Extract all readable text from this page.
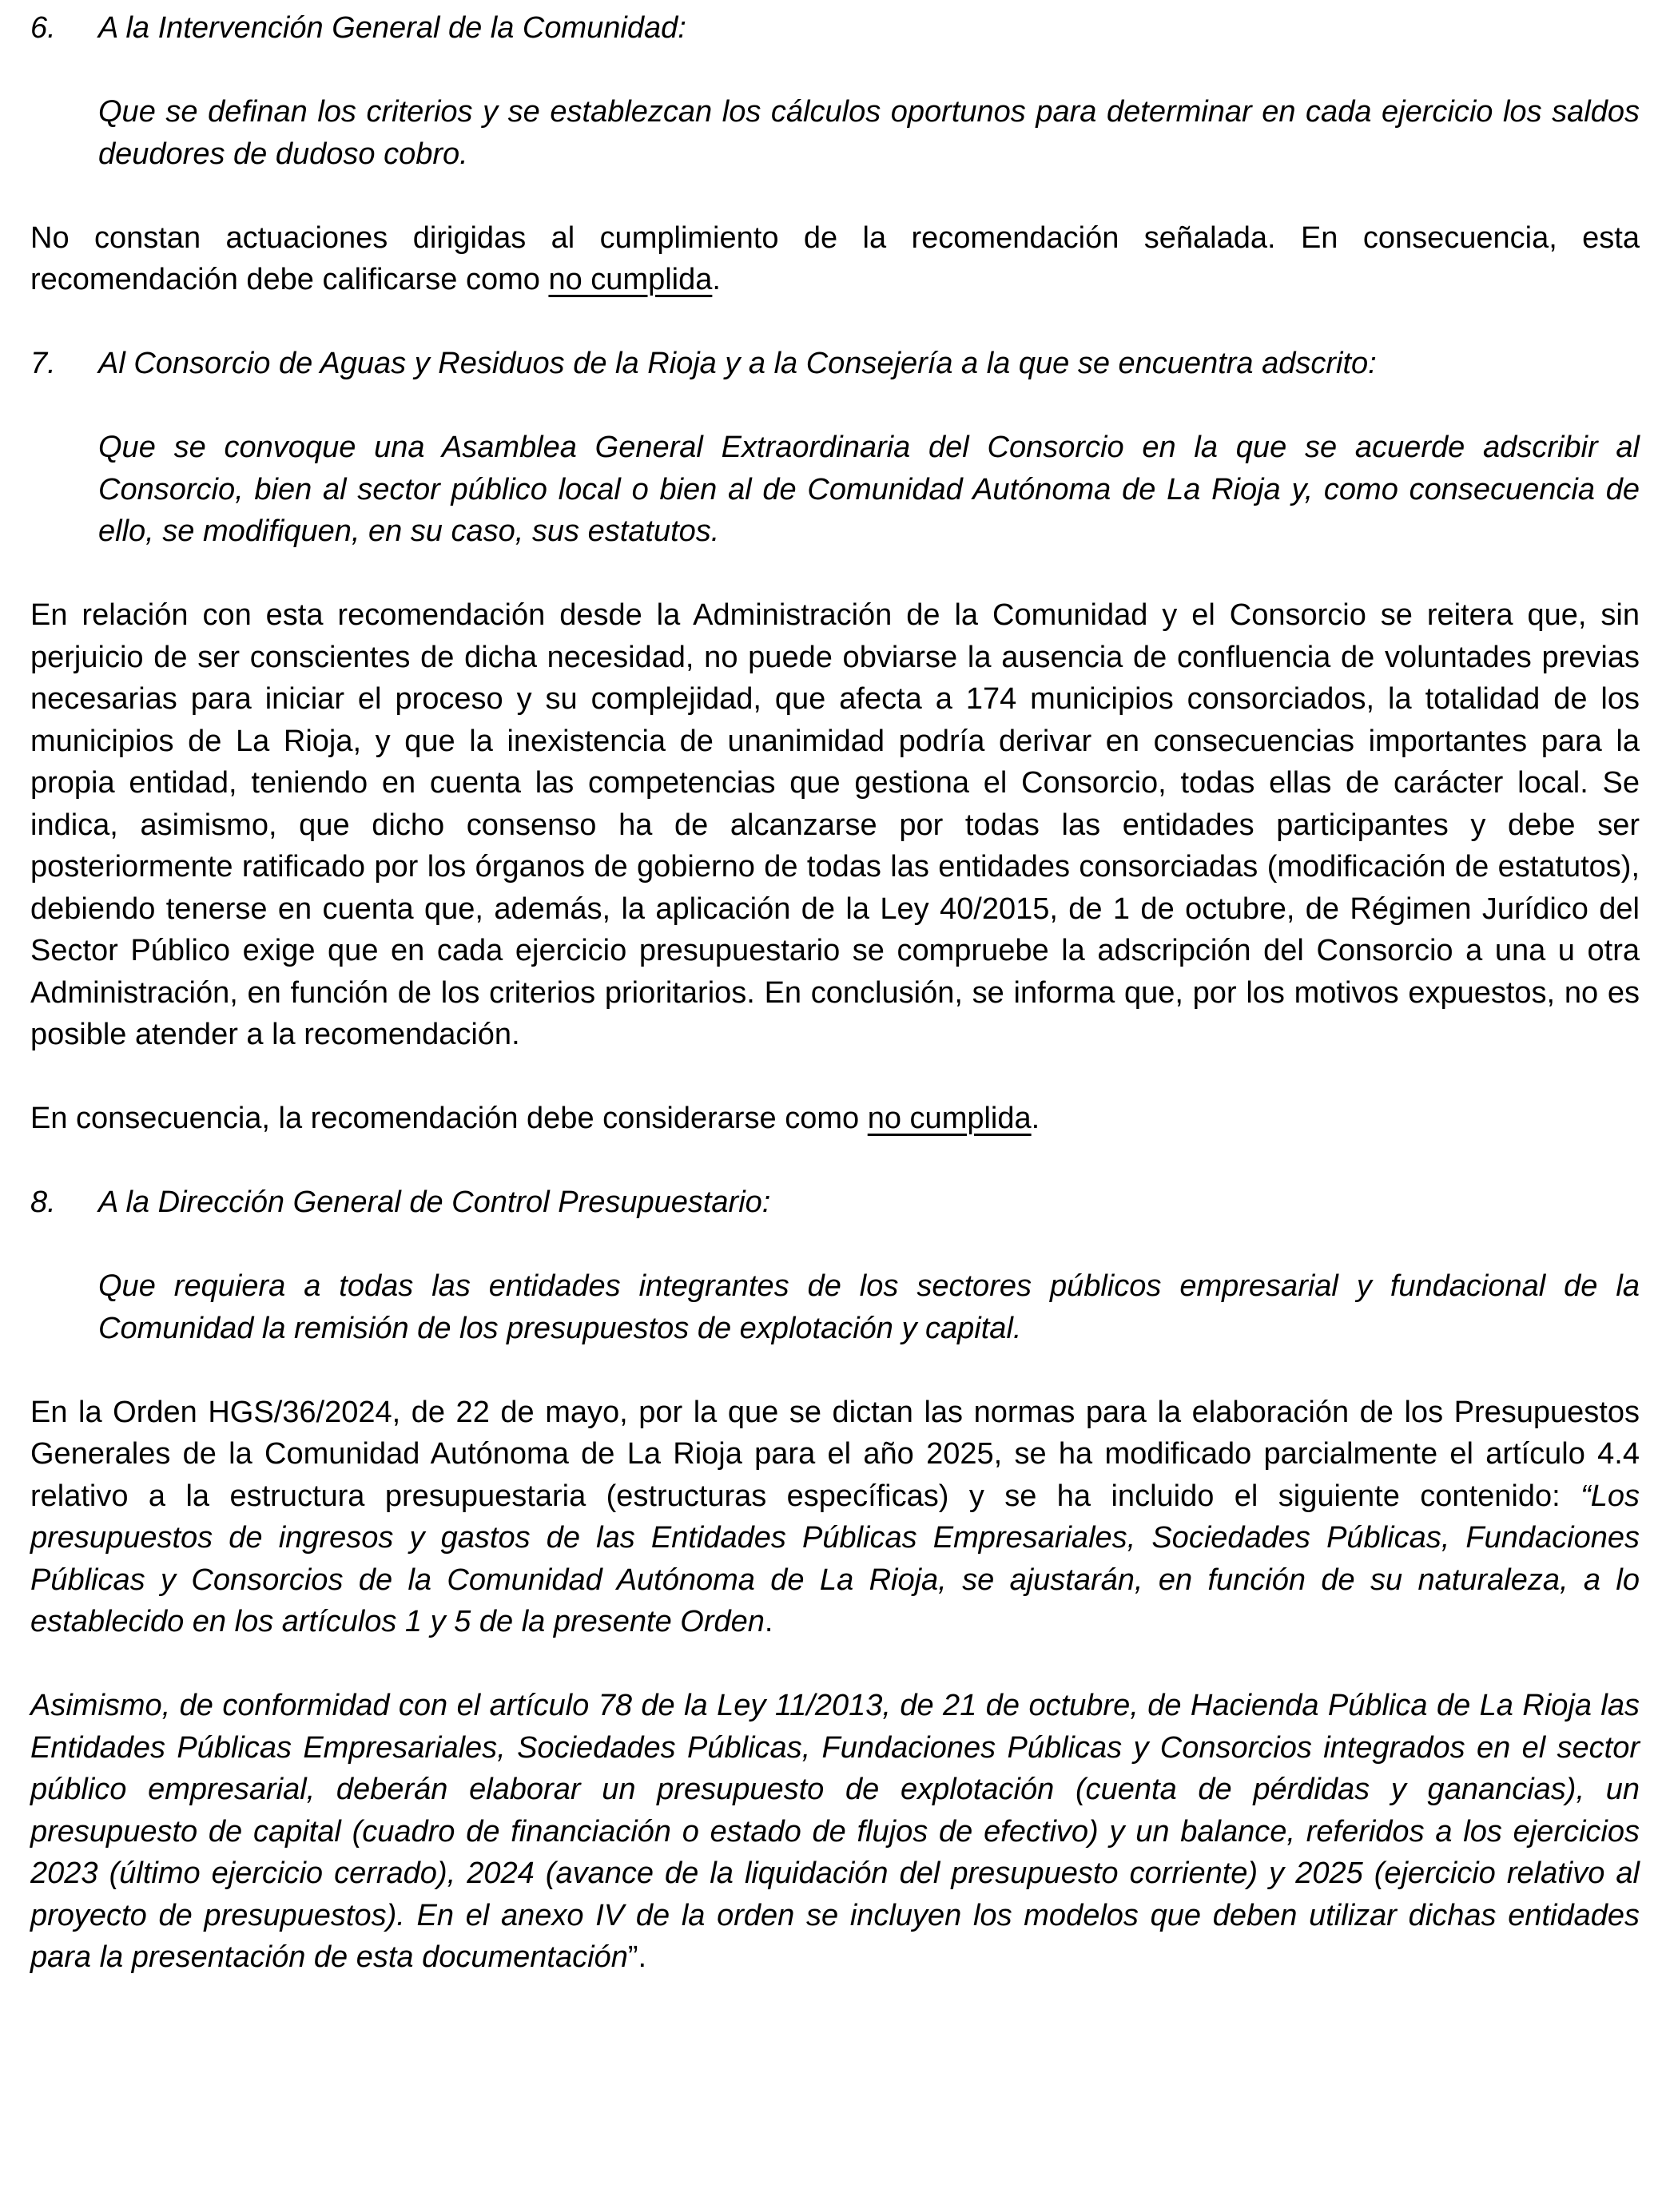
6. A la Intervención General de la Comunidad:

Que se definan los criterios y se establezcan los cálculos oportunos para determinar en cada ejercicio los saldos deudores de dudoso cobro.

No constan actuaciones dirigidas al cumplimiento de la recomendación señalada. En consecuencia, esta recomendación debe calificarse como no cumplida.

7. Al Consorcio de Aguas y Residuos de la Rioja y a la Consejería a la que se encuentra adscrito:

Que se convoque una Asamblea General Extraordinaria del Consorcio en la que se acuerde adscribir al Consorcio, bien al sector público local o bien al de Comunidad Autónoma de La Rioja y, como consecuencia de ello, se modifiquen, en su caso, sus estatutos.

En relación con esta recomendación desde la Administración de la Comunidad y el Consorcio se reitera que, sin perjuicio de ser conscientes de dicha necesidad, no puede obviarse la ausencia de confluencia de voluntades previas necesarias para iniciar el proceso y su complejidad, que afecta a 174 municipios consorciados, la totalidad de los municipios de La Rioja, y que la inexistencia de unanimidad podría derivar en consecuencias importantes para la propia entidad, teniendo en cuenta las competencias que gestiona el Consorcio, todas ellas de carácter local. Se indica, asimismo, que dicho consenso ha de alcanzarse por todas las entidades participantes y debe ser posteriormente ratificado por los órganos de gobierno de todas las entidades consorciadas (modificación de estatutos), debiendo tenerse en cuenta que, además, la aplicación de la Ley 40/2015, de 1 de octubre, de Régimen Jurídico del Sector Público exige que en cada ejercicio presupuestario se compruebe la adscripción del Consorcio a una u otra Administración, en función de los criterios prioritarios. En conclusión, se informa que, por los motivos expuestos, no es posible atender a la recomendación.

En consecuencia, la recomendación debe considerarse como no cumplida.

8. A la Dirección General de Control Presupuestario:

Que requiera a todas las entidades integrantes de los sectores públicos empresarial y fundacional de la Comunidad la remisión de los presupuestos de explotación y capital.

En la Orden HGS/36/2024, de 22 de mayo, por la que se dictan las normas para la elaboración de los Presupuestos Generales de la Comunidad Autónoma de La Rioja para el año 2025, se ha modificado parcialmente el artículo 4.4 relativo a la estructura presupuestaria (estructuras específicas) y se ha incluido el siguiente contenido: “Los presupuestos de ingresos y gastos de las Entidades Públicas Empresariales, Sociedades Públicas, Fundaciones Públicas y Consorcios de la Comunidad Autónoma de La Rioja, se ajustarán, en función de su naturaleza, a lo establecido en los artículos 1 y 5 de la presente Orden.

Asimismo, de conformidad con el artículo 78 de la Ley 11/2013, de 21 de octubre, de Hacienda Pública de La Rioja las Entidades Públicas Empresariales, Sociedades Públicas, Fundaciones Públicas y Consorcios integrados en el sector público empresarial, deberán elaborar un presupuesto de explotación (cuenta de pérdidas y ganancias), un presupuesto de capital (cuadro de financiación o estado de flujos de efectivo) y un balance, referidos a los ejercicios 2023 (último ejercicio cerrado), 2024 (avance de la liquidación del presupuesto corriente) y 2025 (ejercicio relativo al proyecto de presupuestos). En el anexo IV de la orden se incluyen los modelos que deben utilizar dichas entidades para la presentación de esta documentación”.
